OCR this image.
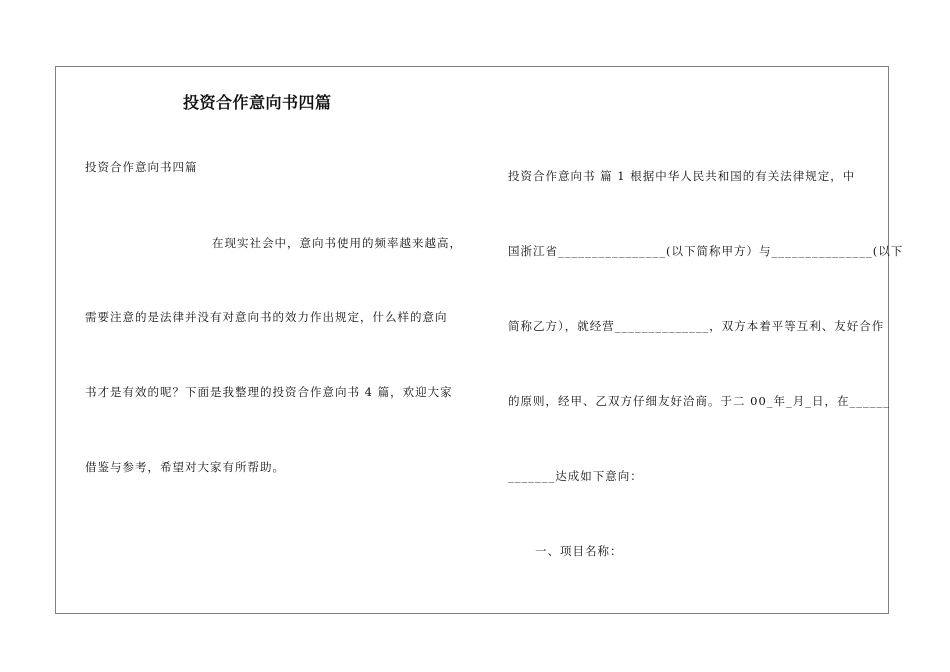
投资合作意向书四篇
投资合作意向书四篇
在现实社会中，意向书使用的频率越来越高，
需要注意的是法律并没有对意向书的效力作出规定，什么样的意向
书才是有效的呢？下面是我整理的投资合作意向书 4 篇，欢迎大家
借鉴与参考，希望对大家有所帮助。
投资合作意向书 篇 1 根据中华人民共和国的有关法律规定，中
国浙江省________________(以下简称甲方）与_______________(以下
简称乙方），就经营______________，双方本着平等互利、友好合作
的原则，经甲、乙双方仔细友好洽商。于二 00_年_月_日，在______
_______达成如下意向：
一、项目名称：
